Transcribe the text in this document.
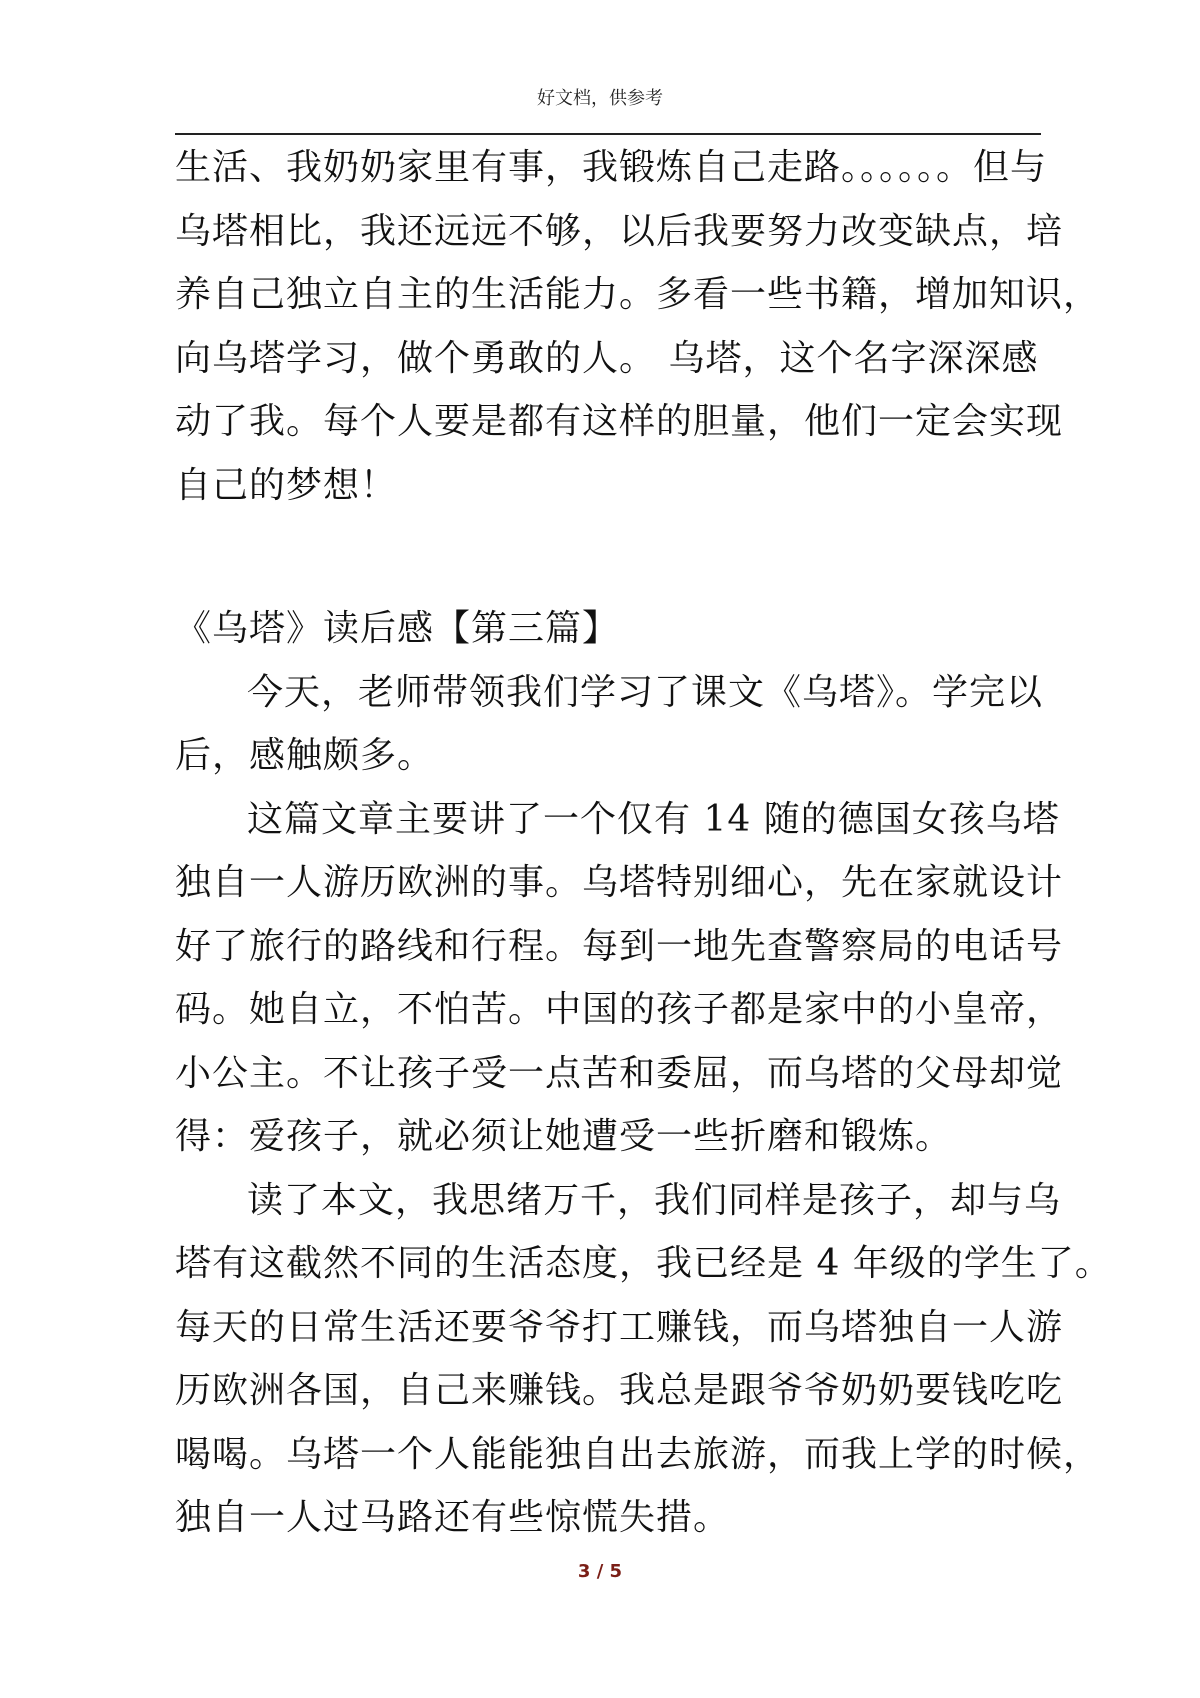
好文档，供参考
生活、我奶奶家里有事，我锻炼自己走路。。。。。。但与
乌塔相比，我还远远不够，以后我要努力改变缺点，培
养自己独立自主的生活能力。多看一些书籍，增加知识，
向乌塔学习，做个勇敢的人。 乌塔，这个名字深深感
动了我。每个人要是都有这样的胆量，他们一定会实现
自己的梦想！
《乌塔》读后感【第三篇】
今天，老师带领我们学习了课文《乌塔》。学完以
后，感触颇多。
这篇文章主要讲了一个仅有 14 随的德国女孩乌塔
独自一人游历欧洲的事。乌塔特别细心，先在家就设计
好了旅行的路线和行程。每到一地先查警察局的电话号
码。她自立，不怕苦。中国的孩子都是家中的小皇帝，
小公主。不让孩子受一点苦和委屈，而乌塔的父母却觉
得：爱孩子，就必须让她遭受一些折磨和锻炼。
读了本文，我思绪万千，我们同样是孩子，却与乌
塔有这截然不同的生活态度，我已经是 4 年级的学生了。
每天的日常生活还要爷爷打工赚钱，而乌塔独自一人游
历欧洲各国，自己来赚钱。我总是跟爷爷奶奶要钱吃吃
喝喝。乌塔一个人能能独自出去旅游，而我上学的时候，
独自一人过马路还有些惊慌失措。
3 / 5
